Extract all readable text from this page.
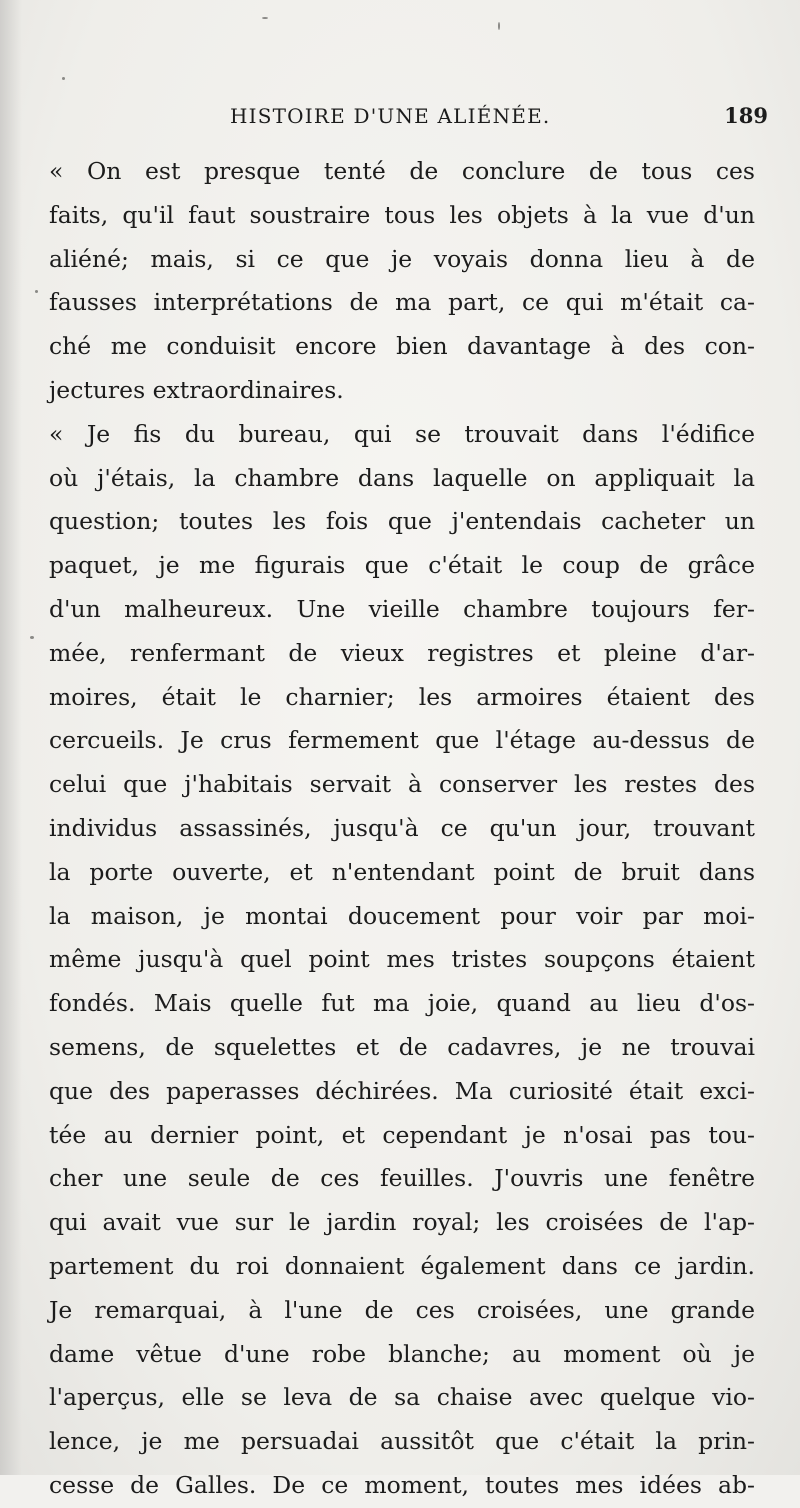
HISTOIRE D'UNE ALIÉNÉE.	189
« On est presque tenté de conclure de tous ces
faits, qu'il faut soustraire tous les objets à la vue d'un
aliéné; mais, si ce que je voyais donna lieu à de
fausses interprétations de ma part, ce qui m'était ca-
ché me conduisit encore bien davantage à des con-
jectures extraordinaires.
« Je fis du bureau, qui se trouvait dans l'édifice
où j'étais, la chambre dans laquelle on appliquait la
question; toutes les fois que j'entendais cacheter un
paquet, je me figurais que c'était le coup de grâce
d'un malheureux. Une vieille chambre toujours fer-
mée, renfermant de vieux registres et pleine d'ar-
moires, était le charnier; les armoires étaient des
cercueils. Je crus fermement que l'étage au-dessus de
celui que j'habitais servait à conserver les restes des
individus assassinés, jusqu'à ce qu'un jour, trouvant
la porte ouverte, et n'entendant point de bruit dans
la maison, je montai doucement pour voir par moi-
même jusqu'à quel point mes tristes soupçons étaient
fondés. Mais quelle fut ma joie, quand au lieu d'os-
semens, de squelettes et de cadavres, je ne trouvai
que des paperasses déchirées. Ma curiosité était exci-
tée au dernier point, et cependant je n'osai pas tou-
cher une seule de ces feuilles. J'ouvris une fenêtre
qui avait vue sur le jardin royal; les croisées de l'ap-
partement du roi donnaient également dans ce jardin.
Je remarquai, à l'une de ces croisées, une grande
dame vêtue d'une robe blanche; au moment où je
l'aperçus, elle se leva de sa chaise avec quelque vio-
lence, je me persuadai aussitôt que c'était la prin-
cesse de Galles. De ce moment, toutes mes idées ab-
